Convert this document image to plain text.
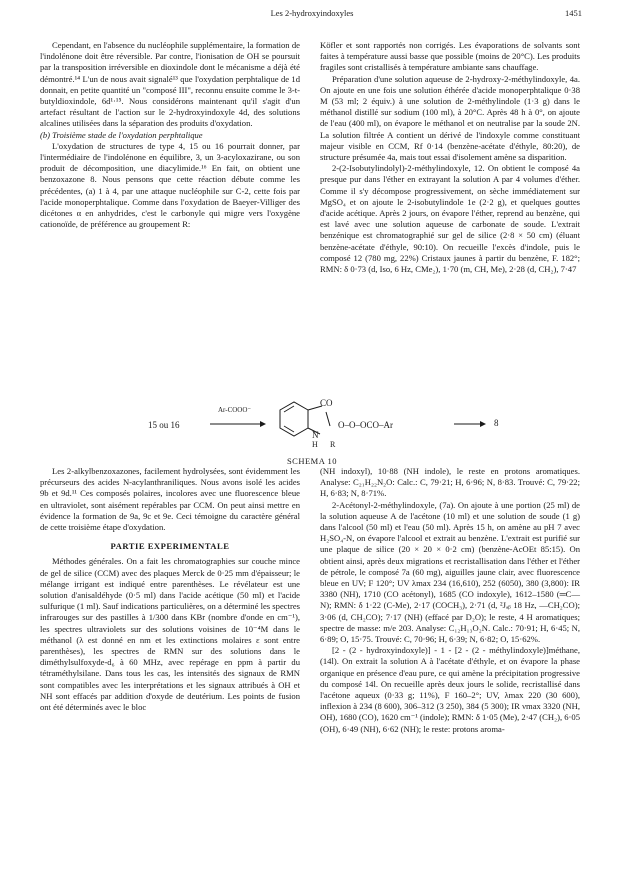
Les 2-hydroxyindoxyles	1451

Cependant, en l'absence du nucléophile supplémentaire, la formation de l'indolénone doit être réversible. Par contre, l'ionisation de OH se poursuit par la transposition irréversible en dioxindole dont le mécanisme a déjà été démontré.¹⁴ L'un de nous avait signalé¹³ que l'oxydation perphtalique de 1d donnait, en petite quantité un "composé III", reconnu ensuite comme le 3-t-butyldioxindole, 6d¹·¹⁵. Nous considérons maintenant qu'il s'agit d'un artefact résultant de l'action sur le 2-hydroxyindoxyle 4d, des solutions alcalines utilisées dans la séparation des produits d'oxydation.

(b) Troisième stade de l'oxydation perphtalique

L'oxydation de structures de type 4, 15 ou 16 pourrait donner, par l'intermédiaire de l'indolénone en équilibre, 3, un 3-acyloxazirane, ou son produit de décomposition, une diacylimide.¹⁶ En fait, on obtient une benzoxazone 8. Nous pensons que cette réaction débute comme les précédentes, (a) 1 à 4, par une attaque nucléophile sur C-2, cette fois par l'acide monoperphtalique. Comme dans l'oxydation de Baeyer-Villiger des dicétones α en anhydrides, c'est le carbonyle qui migre vers l'oxygène cationoïde, de préférence au groupement R:

Köfler et sont rapportés non corrigés. Les évaporations de solvants sont faites à température aussi basse que possible (moins de 20°C). Les produits fragiles sont cristallisés à température ambiante sans chauffage.

Préparation d'une solution aqueuse de 2-hydroxy-2-méthylindoxyle, 4a. On ajoute en une fois une solution éthérée d'acide monoperphtalique 0·38 M (53 ml; 2 équiv.) à une solution de 2-méthylindole (1·3 g) dans le méthanol distillé sur sodium (100 ml), à 20°C. Après 48 h à 0°, on ajoute de l'eau (400 ml), on évapore le méthanol et on neutralise par la soude 2N. La solution filtrée A contient un dérivé de l'indoxyle comme constituant majeur visible en CCM, Rf 0·14 (benzène-acétate d'éthyle, 80:20), de structure présumée 4a, mais tout essai d'isolement amène sa disparition.

2-(2-Isobutylindolyl)-2-méthylindoxyle, 12. On obtient le composé 4a presque pur dans l'éther en extrayant la solution A par 4 volumes d'éther. Comme il s'y décompose progressivement, on sèche immédiatement sur MgSO₄ et on ajoute le 2-isobutylindole 1e (2·2 g), et quelques gouttes d'acide acétique. Après 2 jours, on évapore l'éther, reprend au benzène, qui est lavé avec une solution aqueuse de carbonate de soude. L'extrait benzénique est chromatographié sur gel de silice (2·8 × 50 cm) (éluant benzène-acétate d'éthyle, 90:10). On recueille l'excès d'indole, puis le composé 12 (780 mg, 22%) Cristaux jaunes à partir du benzène, F. 182°; RMN: δ 0·73 (d, Iso, 6 Hz, CMe₂), 1·70 (m, CH, Me), 2·28 (d, CH₂), 7·47

15 ou 16
Ar-COOO⁻
CO
N
H R
O–O–OCO–Ar	8
SCHEMA 10

Les 2-alkylbenzoxazones, facilement hydrolysées, sont évidemment les précurseurs des acides N-acylanthraniliques. Nous avons isolé les acides 9b et 9d.¹¹ Ces composés polaires, incolores avec une fluorescence bleue en ultraviolet, sont aisément repérables par CCM. On peut ainsi mettre en évidence la formation de 9a, 9c et 9e. Ceci témoigne du caractère général de cette troisième étape d'oxydation.

PARTIE EXPERIMENTALE

Méthodes générales. On a fait les chromatographies sur couche mince de gel de silice (CCM) avec des plaques Merck de 0·25 mm d'épaisseur; le mélange irrigant est indiqué entre parenthèses. Le révélateur est une solution d'anisaldéhyde (0·5 ml) dans l'acide acétique (50 ml) et l'acide sulfurique (1 ml). Sauf indications particulières, on a déterminé les spectres infrarouges sur des pastilles à 1/300 dans KBr (nombre d'onde en cm⁻¹), les spectres ultraviolets sur des solutions voisines de 10⁻⁴M dans le méthanol (λ est donné en nm et les extinctions molaires ε sont entre parenthèses), les spectres de RMN sur des solutions dans le diméthylsulfoxyde-d₆ à 60 MHz, avec repérage en ppm à partir du tétraméthylsilane. Dans tous les cas, les intensités des signaux de RMN sont compatibles avec les interprétations et les signaux attribués à OH et NH sont effacés par addition d'oxyde de deutérium. Les points de fusion ont été déterminés avec le bloc

(NH indoxyl), 10·88 (NH indole), le reste en protons aromatiques. Analyse: C₂₁H₂₂N₂O: Calc.: C, 79·21; H, 6·96; N, 8·83. Trouvé: C, 79·22; H, 6·83; N, 8·71%.

2-Acétonyl-2-méthylindoxyle, (7a). On ajoute à une portion (25 ml) de la solution aqueuse A de l'acétone (10 ml) et une solution de soude (1 g) dans l'alcool (50 ml) et l'eau (50 ml). Après 15 h, on amène au pH 7 avec H₂SO₄-N, on évapore l'alcool et extrait au benzène. L'extrait est purifié sur une plaque de silice (20 × 20 × 0·2 cm) (benzène-AcOEt 85:15). On obtient ainsi, après deux migrations et recristallisation dans l'éther et l'éther de pétrole, le composé 7a (60 mg), aiguilles jaune clair, avec fluorescence bleue en UV; F 120°; UV λmax 234 (16,610), 252 (6050), 380 (3,800): IR 3380 (NH), 1710 (CO acétonyl), 1685 (CO indoxyle), 1612–1580 (═C—N); RMN: δ 1·22 (C-Me), 2·17 (COCH₃), 2·71 (d, ²Jₐᵦ 18 Hz, —CH₂CO); 3·06 (d, CH₂CO); 7·17 (NH) (effacé par D₂O); le reste, 4 H aromatiques; spectre de masse: m/e 203. Analyse: C₁₂H₁₃O₂N. Calc.: 70·91; H, 6·45; N, 6·89; O, 15·75. Trouvé: C, 70·96; H, 6·39; N, 6·82; O, 15·62%.

[2 - (2 - hydroxyindoxyle)] - 1 - [2 - (2 - méthylindoxyle)]méthane, (14l). On extrait la solution A à l'acétate d'éthyle, et on évapore la phase organique en présence d'eau pure, ce qui amène la précipitation progressive du composé 14l. On recueille après deux jours le solide, recristallisé dans l'acétone aqueux (0·33 g; 11%), F 160–2°; UV, λmax 220 (30 600), inflexion à 234 (8 600), 306–312 (3 250), 384 (5 300); IR νmax 3320 (NH, OH), 1680 (CO), 1620 cm⁻¹ (indole); RMN: δ 1·05 (Me), 2·47 (CH₂), 6·05 (OH), 6·49 (NH), 6·62 (NH); le reste: protons aroma-
